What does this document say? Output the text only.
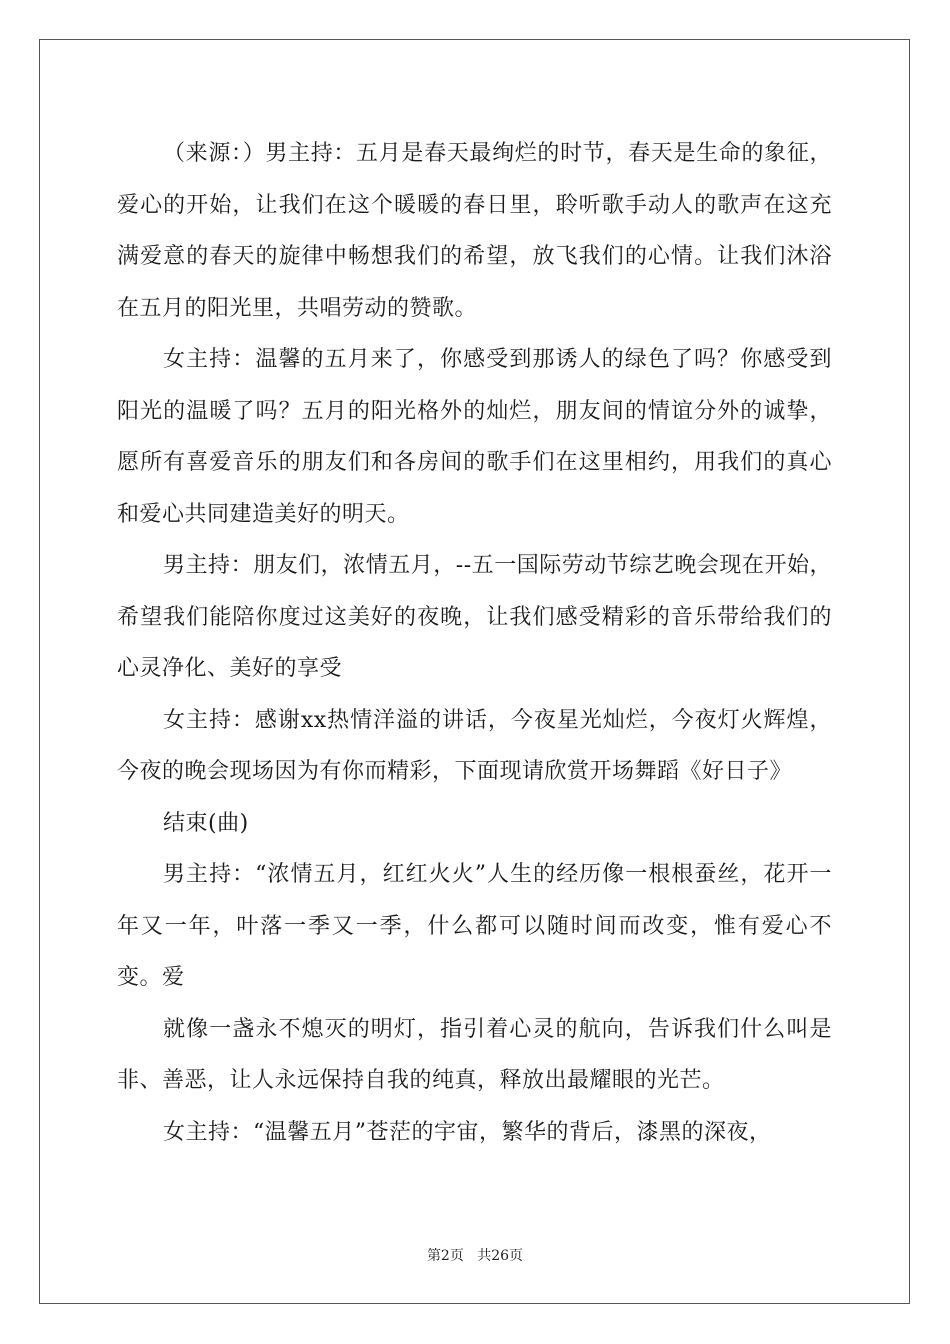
（来源：）男主持：五月是春天最绚烂的时节，春天是生命的象征，爱心的开始，让我们在这个暖暖的春日里，聆听歌手动人的歌声在这充满爱意的春天的旋律中畅想我们的希望，放飞我们的心情。让我们沐浴在五月的阳光里，共唱劳动的赞歌。

女主持：温馨的五月来了，你感受到那诱人的绿色了吗？你感受到阳光的温暖了吗？五月的阳光格外的灿烂，朋友间的情谊分外的诚挚，愿所有喜爱音乐的朋友们和各房间的歌手们在这里相约，用我们的真心和爱心共同建造美好的明天。

男主持：朋友们，浓情五月，--五一国际劳动节综艺晚会现在开始，希望我们能陪你度过这美好的夜晚，让我们感受精彩的音乐带给我们的心灵净化、美好的享受

女主持：感谢xx热情洋溢的讲话，今夜星光灿烂，今夜灯火辉煌，今夜的晚会现场因为有你而精彩，下面现请欣赏开场舞蹈《好日子》

结束(曲)

男主持：“浓情五月，红红火火”人生的经历像一根根蚕丝，花开一年又一年，叶落一季又一季，什么都可以随时间而改变，惟有爱心不变。爱

就像一盏永不熄灭的明灯，指引着心灵的航向，告诉我们什么叫是非、善恶，让人永远保持自我的纯真，释放出最耀眼的光芒。

女主持：“温馨五月”苍茫的宇宙，繁华的背后，漆黑的深夜，

第2页 共26页
